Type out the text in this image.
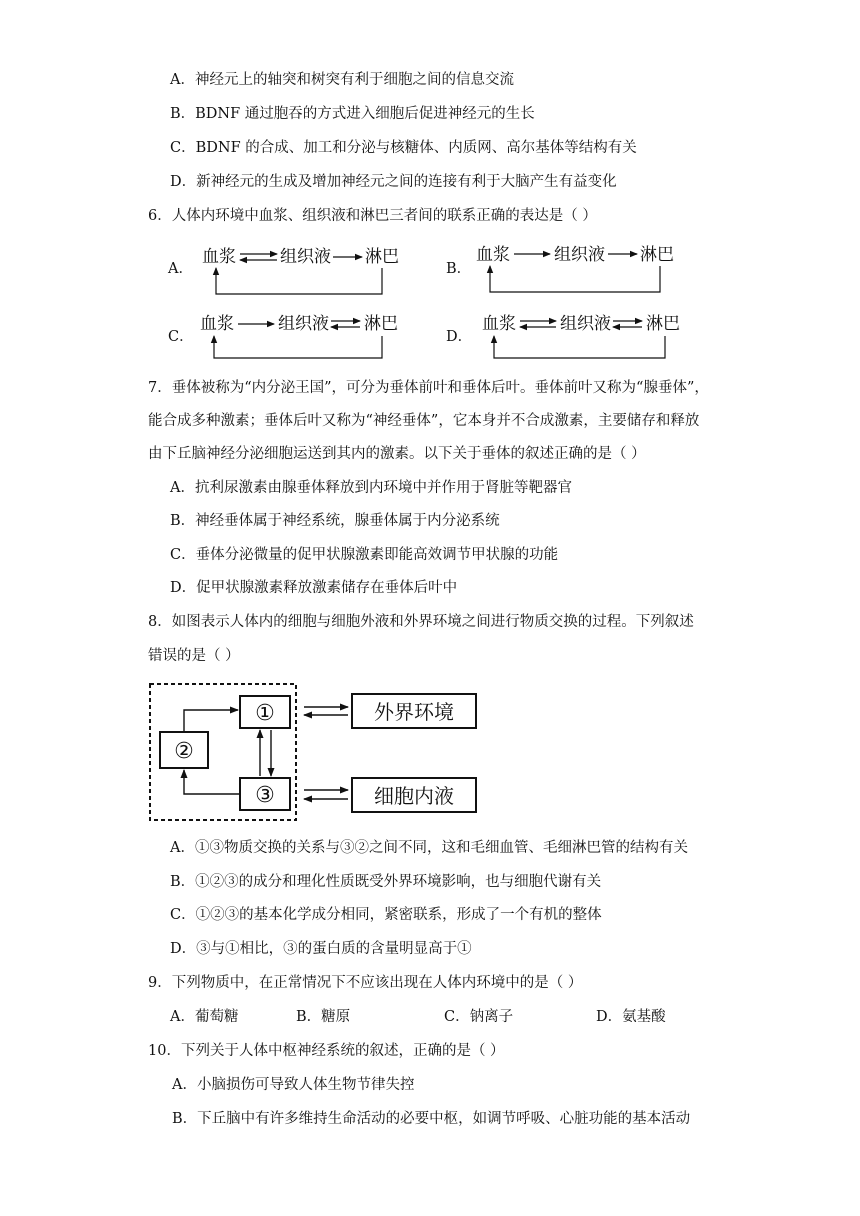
A．神经元上的轴突和树突有利于细胞之间的信息交流
B．BDNF 通过胞吞的方式进入细胞后促进神经元的生长
C．BDNF 的合成、加工和分泌与核糖体、内质网、高尔基体等结构有关
D．新神经元的生成及增加神经元之间的连接有利于大脑产生有益变化
6．人体内环境中血浆、组织液和淋巴三者间的联系正确的表达是（ ）
A．
血浆	组织液 淋巴
B．
血浆	组织液 淋巴
C．
血浆	组织液 淋巴
D．
血浆	组织液 淋巴
7．垂体被称为“内分泌王国”，可分为垂体前叶和垂体后叶。垂体前叶又称为“腺垂体”，
能合成多种激素；垂体后叶又称为“神经垂体”，它本身并不合成激素，主要储存和释放
由下丘脑神经分泌细胞运送到其内的激素。以下关于垂体的叙述正确的是（ ）
A．抗利尿激素由腺垂体释放到内环境中并作用于肾脏等靶器官
B．神经垂体属于神经系统，腺垂体属于内分泌系统
C．垂体分泌微量的促甲状腺激素即能高效调节甲状腺的功能
D．促甲状腺激素释放激素储存在垂体后叶中
8．如图表示人体内的细胞与细胞外液和外界环境之间进行物质交换的过程。下列叙述
错误的是（ ）
①
②
③
外界环境
细胞内液
A．①③物质交换的关系与③②之间不同，这和毛细血管、毛细淋巴管的结构有关
B．①②③的成分和理化性质既受外界环境影响，也与细胞代谢有关
C．①②③的基本化学成分相同，紧密联系，形成了一个有机的整体
D．③与①相比，③的蛋白质的含量明显高于①
9．下列物质中，在正常情况下不应该出现在人体内环境中的是（ ）
A．葡萄糖	B．糖原	C．钠离子	D．氨基酸
10．下列关于人体中枢神经系统的叙述，正确的是（ ）
A．小脑损伤可导致人体生物节律失控
B．下丘脑中有许多维持生命活动的必要中枢，如调节呼吸、心脏功能的基本活动
